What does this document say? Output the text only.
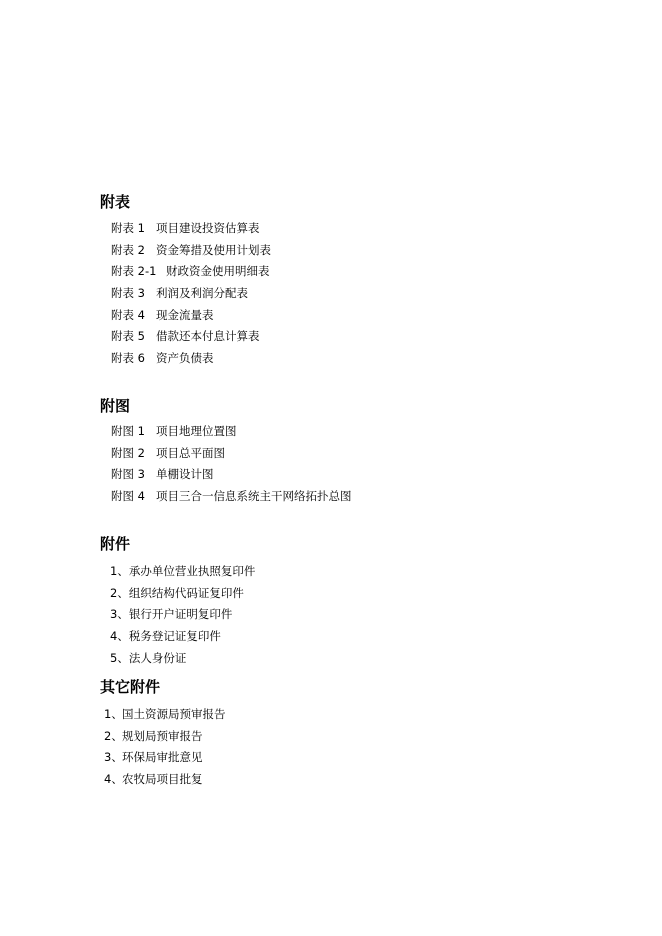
附表
附表 1 项目建设投资估算表
附表 2 资金筹措及使用计划表
附表 2-1 财政资金使用明细表
附表 3 利润及利润分配表
附表 4 现金流量表
附表 5 借款还本付息计算表
附表 6 资产负债表
附图
附图 1 项目地理位置图
附图 2 项目总平面图
附图 3 单棚设计图
附图 4 项目三合一信息系统主干网络拓扑总图
附件
1、承办单位营业执照复印件
2、组织结构代码证复印件
3、银行开户证明复印件
4、税务登记证复印件
5、法人身份证
其它附件
1、国土资源局预审报告
2、规划局预审报告
3、环保局审批意见
4、农牧局项目批复
